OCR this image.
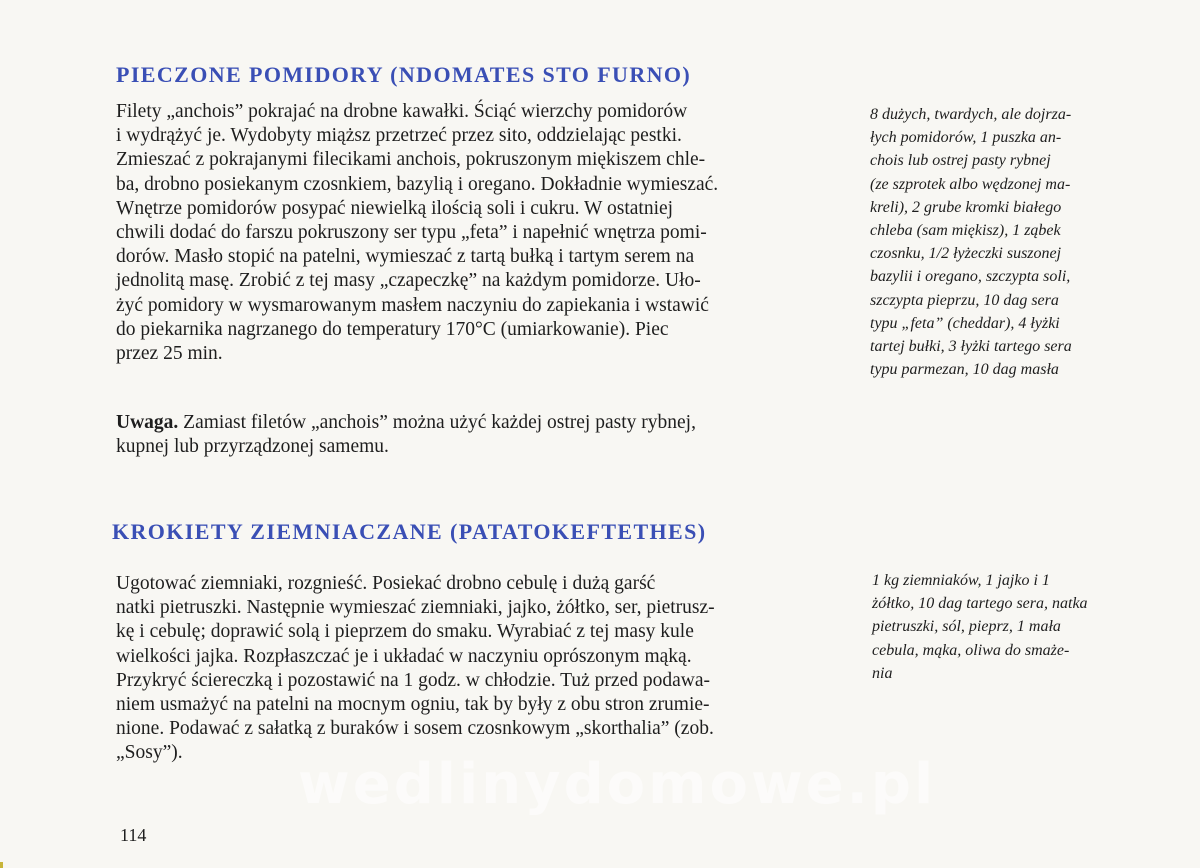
PIECZONE POMIDORY (NDOMATES STO FURNO)
Filety „anchois” pokrajać na drobne kawałki. Ściąć wierzchy pomidorów
i wydrążyć je. Wydobyty miąższ przetrzeć przez sito, oddzielając pestki.
Zmieszać z pokrajanymi filecikami anchois, pokruszonym miękiszem chle-
ba, drobno posiekanym czosnkiem, bazylią i oregano. Dokładnie wymieszać.
Wnętrze pomidorów posypać niewielką ilością soli i cukru. W ostatniej
chwili dodać do farszu pokruszony ser typu „feta” i napełnić wnętrza pomi-
dorów. Masło stopić na patelni, wymieszać z tartą bułką i tartym serem na
jednolitą masę. Zrobić z tej masy „czapeczkę” na każdym pomidorze. Uło-
żyć pomidory w wysmarowanym masłem naczyniu do zapiekania i wstawić
do piekarnika nagrzanego do temperatury 170°C (umiarkowanie). Piec
przez 25 min.
Uwaga. Zamiast filetów „anchois” można użyć każdej ostrej pasty rybnej,
kupnej lub przyrządzonej samemu.
8 dużych, twardych, ale dojrza-
łych pomidorów, 1 puszka an-
chois lub ostrej pasty rybnej
(ze szprotek albo wędzonej ma-
kreli), 2 grube kromki białego
chleba (sam miękisz), 1 ząbek
czosnku, 1/2 łyżeczki suszonej
bazylii i oregano, szczypta soli,
szczypta pieprzu, 10 dag sera
typu „feta” (cheddar), 4 łyżki
tartej bułki, 3 łyżki tartego sera
typu parmezan, 10 dag masła
KROKIETY ZIEMNIACZANE (PATATOKEFTETHES)
Ugotować ziemniaki, rozgnieść. Posiekać drobno cebulę i dużą garść
natki pietruszki. Następnie wymieszać ziemniaki, jajko, żółtko, ser, pietrusz-
kę i cebulę; doprawić solą i pieprzem do smaku. Wyrabiać z tej masy kule
wielkości jajka. Rozpłaszczać je i układać w naczyniu oprószonym mąką.
Przykryć ściereczką i pozostawić na 1 godz. w chłodzie. Tuż przed podawa-
niem usmażyć na patelni na mocnym ogniu, tak by były z obu stron zrumie-
nione. Podawać z sałatką z buraków i sosem czosnkowym „skorthalia” (zob.
„Sosy”).
1 kg ziemniaków, 1 jajko i 1
żółtko, 10 dag tartego sera, natka
pietruszki, sól, pieprz, 1 mała
cebula, mąka, oliwa do smaże-
nia
wedlinydomowe.pl

114
